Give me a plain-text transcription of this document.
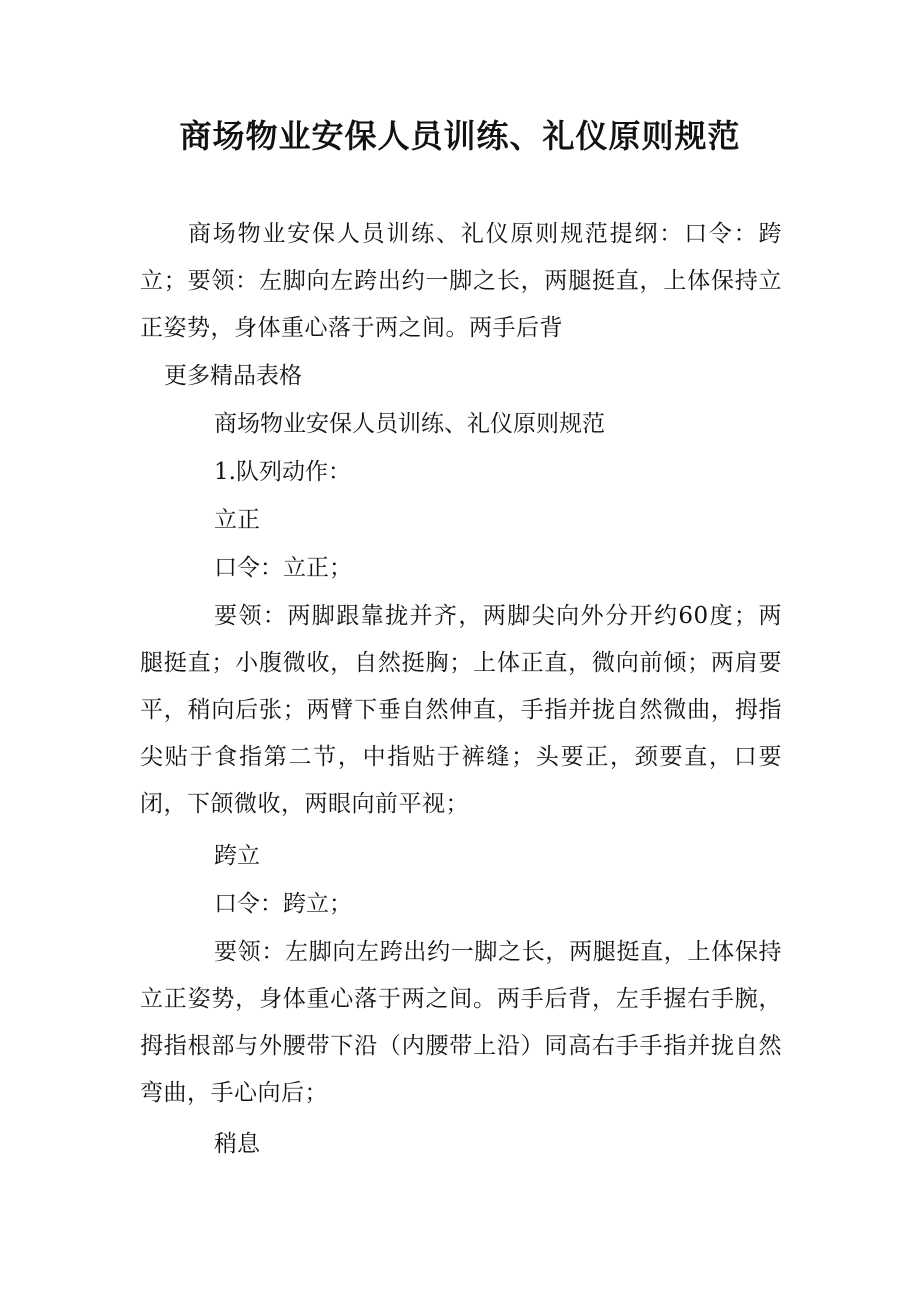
商场物业安保人员训练、礼仪原则规范

商场物业安保人员训练、礼仪原则规范提纲：口令：跨立；要领：左脚向左跨出约一脚之长，两腿挺直，上体保持立正姿势，身体重心落于两之间。两手后背

更多精品表格

商场物业安保人员训练、礼仪原则规范

1.队列动作：

立正

口令：立正；

要领：两脚跟靠拢并齐，两脚尖向外分开约60度；两腿挺直；小腹微收，自然挺胸；上体正直，微向前倾；两肩要平，稍向后张；两臂下垂自然伸直，手指并拢自然微曲，拇指尖贴于食指第二节，中指贴于裤缝；头要正，颈要直，口要闭，下颌微收，两眼向前平视；

跨立

口令：跨立；

要领：左脚向左跨出约一脚之长，两腿挺直，上体保持立正姿势，身体重心落于两之间。两手后背，左手握右手腕，拇指根部与外腰带下沿（内腰带上沿）同高右手手指并拢自然弯曲，手心向后；

稍息
